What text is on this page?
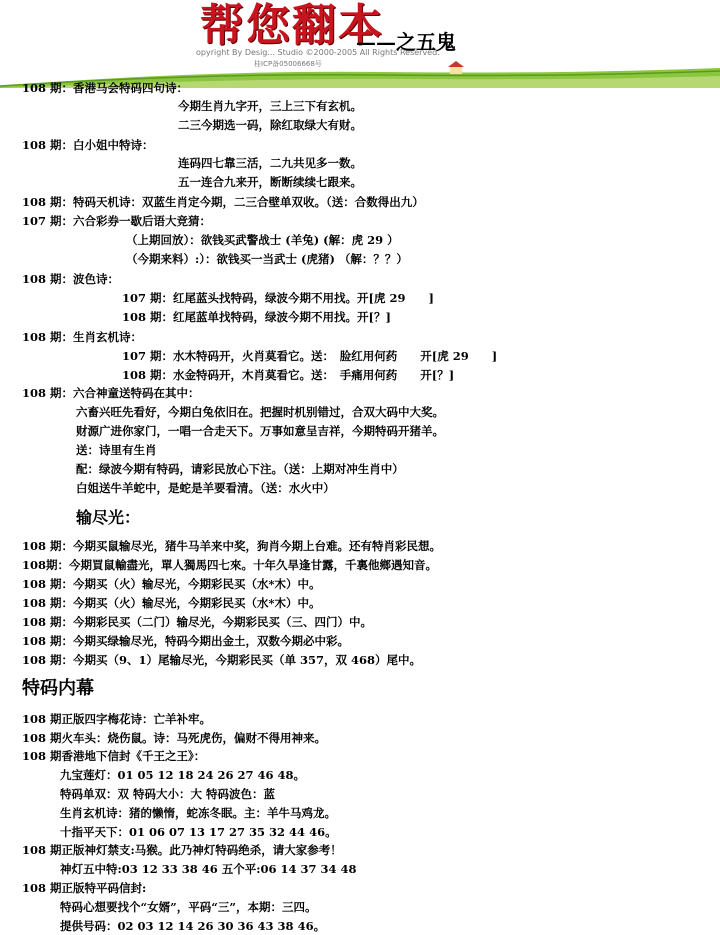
帮您翻本
——之五鬼
opyright By Desig... Studio ©2000-2005 All Rights Reserved.
桂ICP备05006668号
108 期：香港马会特码四句诗：
今期生肖九字开，三上三下有玄机。
二三今期选一码，除红取绿大有财。
108 期：白小姐中特诗：
连码四七靠三活，二九共见多一数。
五一连合九来开，断断续续七跟来。
108 期：特码天机诗：双蓝生肖定今期，二三合壁单双收。（送：合数得出九）
107 期：六合彩券一歇后语大竞猜：
（上期回放）：欲钱买武警战士 (羊兔) (解：虎 29 ）
（今期来料）:）：欲钱买一当武士 (虎猪) （解：？？）
108 期：波色诗：
107 期：红尾蓝头找特码，绿波今期不用找。开[虎 29　　]
108 期：红尾蓝单找特码，绿波今期不用找。开[？]
108 期：生肖玄机诗：
107 期：水木特码开，火肖莫看它。送：　脸红用何药　　开[虎 29　　]
108 期：水金特码开，木肖莫看它。送：　手痛用何药　　开[？]
108 期：六合神童送特码在其中：
六畜兴旺先看好，今期白兔依旧在。把握时机别错过，合双大码中大奖。
财源广进你家门，一唱一合走天下。万事如意呈吉祥，今期特码开猪羊。
送：诗里有生肖
配：绿波今期有特码，请彩民放心下注。（送：上期对冲生肖中）
白姐送牛羊蛇中，是蛇是羊要看清。（送：水火中）
输尽光：
108 期：今期买鼠输尽光，猪牛马羊来中奖，狗肖今期上台难。还有特肖彩民想。
108期：今期買鼠輸盡光，單人獨馬四七來。十年久旱逢甘露，千裏他鄉遇知音。
108 期：今期买（火）输尽光，今期彩民买（水*木）中。
108 期：今期买（火）输尽光，今期彩民买（水*木）中。
108 期：今期彩民买（二门）输尽光，今期彩民买（三、四门）中。
108 期：今期买绿输尽光，特码今期出金土，双数今期必中彩。
108 期：今期买（9、1）尾输尽光，今期彩民买（单 357，双 468）尾中。
特码内幕
108 期正版四字梅花诗：亡羊补牢。
108 期火车头：烧伤鼠。诗：马死虎伤，偏财不得用神来。
108 期香港地下信封《千王之王》：
九宝莲灯：01 05 12 18 24 26 27 46 48。
特码单双：双 特码大小：大 特码波色：蓝
生肖玄机诗：猪的懒惰，蛇冻冬眠。主：羊牛马鸡龙。
十指平天下：01 06 07 13 17 27 35 32 44 46。
108 期正版神灯禁支:马猴。此乃神灯特码绝杀，请大家参考！
神灯五中特:03 12 33 38 46 五个平:06 14 37 34 48
108 期正版特平码信封:
特码心想要找个“女婿”，平码“三”，本期：三四。
提供号码：02 03 12 14 26 30 36 43 38 46。
